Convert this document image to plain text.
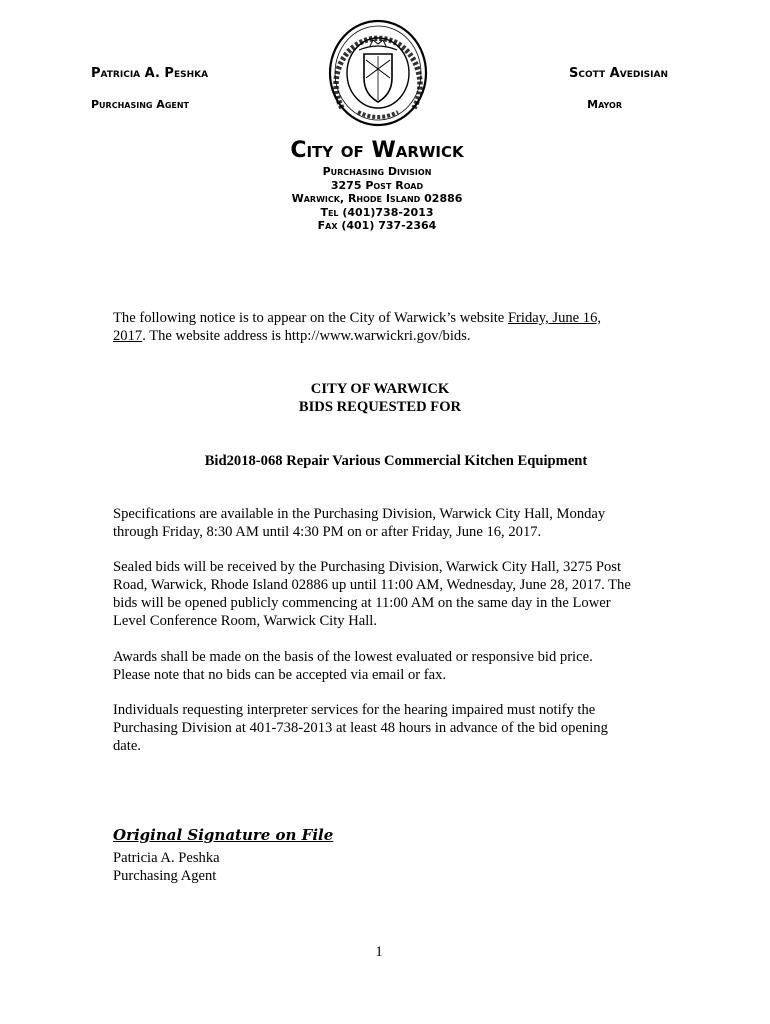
Patricia A. Peshka

Purchasing Agent

Scott Avedisian

Mayor

City of Warwick
Purchasing Division
3275 Post Road
Warwick, Rhode Island 02886
Tel (401)738-2013
Fax (401) 737-2364

The following notice is to appear on the City of Warwick’s website Friday, June 16, 2017. The website address is http://www.warwickri.gov/bids.

CITY OF WARWICK
BIDS REQUESTED FOR
Bid2018-068 Repair Various Commercial Kitchen Equipment

Specifications are available in the Purchasing Division, Warwick City Hall, Monday through Friday, 8:30 AM until 4:30 PM on or after Friday, June 16, 2017.

Sealed bids will be received by the Purchasing Division, Warwick City Hall, 3275 Post Road, Warwick, Rhode Island 02886 up until 11:00 AM, Wednesday, June 28, 2017. The bids will be opened publicly commencing at 11:00 AM on the same day in the Lower Level Conference Room, Warwick City Hall.

Awards shall be made on the basis of the lowest evaluated or responsive bid price. Please note that no bids can be accepted via email or fax.

Individuals requesting interpreter services for the hearing impaired must notify the Purchasing Division at 401-738-2013 at least 48 hours in advance of the bid opening date.

Original Signature on File

Patricia A. Peshka

Purchasing Agent

1
